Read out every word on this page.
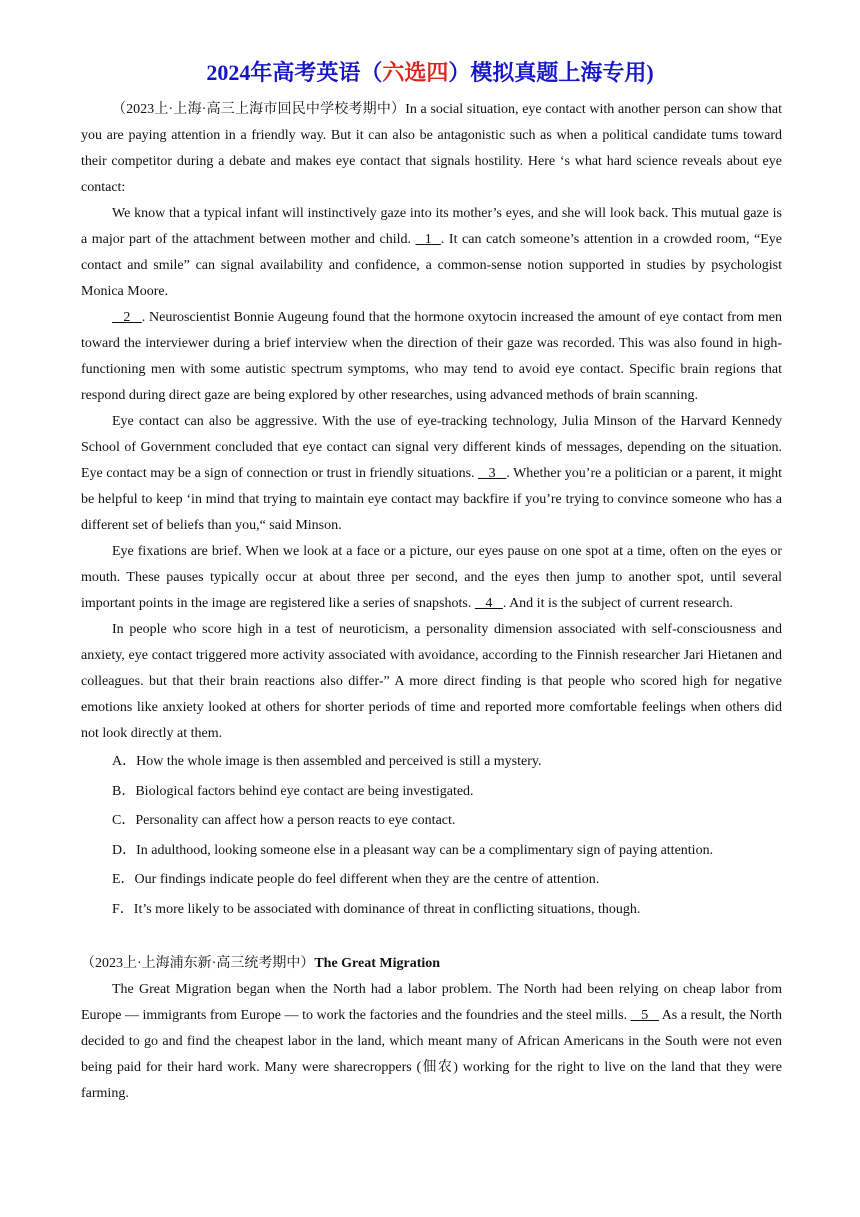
2024年高考英语（六选四）模拟真题上海专用)

（2023上·上海·高三上海市回民中学校考期中）In a social situation, eye contact with another person can show that you are paying attention in a friendly way. But it can also be antagonistic such as when a political candidate tums toward their competitor during a debate and makes eye contact that signals hostility. Here ‘s what hard science reveals about eye contact:

We know that a typical infant will instinctively gaze into its mother’s eyes, and she will look back. This mutual gaze is a major part of the attachment between mother and child.   1  . It can catch someone’s attention in a crowded room, “Eye contact and smile” can signal availability and confidence, a common-sense notion supported in studies by psychologist Monica Moore.

2   . Neuroscientist Bonnie Augeung found that the hormone oxytocin increased the amount of eye contact from men toward the interviewer during a brief interview when the direction of their gaze was recorded. This was also found in high- functioning men with some autistic spectrum symptoms, who may tend to avoid eye contact. Specific brain regions that respond during direct gaze are being explored by other researches, using advanced methods of brain scanning.

Eye contact can also be aggressive. With the use of eye-tracking technology, Julia Minson of the Harvard Kennedy School of Government concluded that eye contact can signal very different kinds of messages, depending on the situation. Eye contact may be a sign of connection or trust in friendly situations.    3   . Whether you’re a politician or a parent, it might be helpful to keep ‘in mind that trying to maintain eye contact may backfire if you’re trying to convince someone who has a different set of beliefs than you,“ said Minson.

Eye fixations are brief. When we look at a face or a picture, our eyes pause on one spot at a time, often on the eyes or mouth. These pauses typically occur at about three per second, and the eyes then jump to another spot, until several important points in the image are registered like a series of snapshots.    4   . And it is the subject of current research.

In people who score high in a test of neuroticism, a personality dimension associated with self-consciousness and anxiety, eye contact triggered more activity associated with avoidance, according to the Finnish researcher Jari Hietanen and colleagues. but that their brain reactions also differ-” A more direct finding is that people who scored high for negative emotions like anxiety looked at others for shorter periods of time and reported more comfortable feelings when others did not look directly at them.

A．How the whole image is then assembled and perceived is still a mystery.
B．Biological factors behind eye contact are being investigated.
C．Personality can affect how a person reacts to eye contact.
D．In adulthood, looking someone else in a pleasant way can be a complimentary sign of paying attention.
E．Our findings indicate people do feel different when they are the centre of attention.
F．It’s more likely to be associated with dominance of threat in conflicting situations, though.

（2023上·上海浦东新·高三统考期中）The Great Migration

The Great Migration began when the North had a labor problem. The North had been relying on cheap labor from Europe — immigrants from Europe — to work the factories and the foundries and the steel mills.    5    As a result, the North decided to go and find the cheapest labor in the land, which meant many of African Americans in the South were not even being paid for their hard work. Many were sharecroppers (佃农) working for the right to live on the land that they were farming.
